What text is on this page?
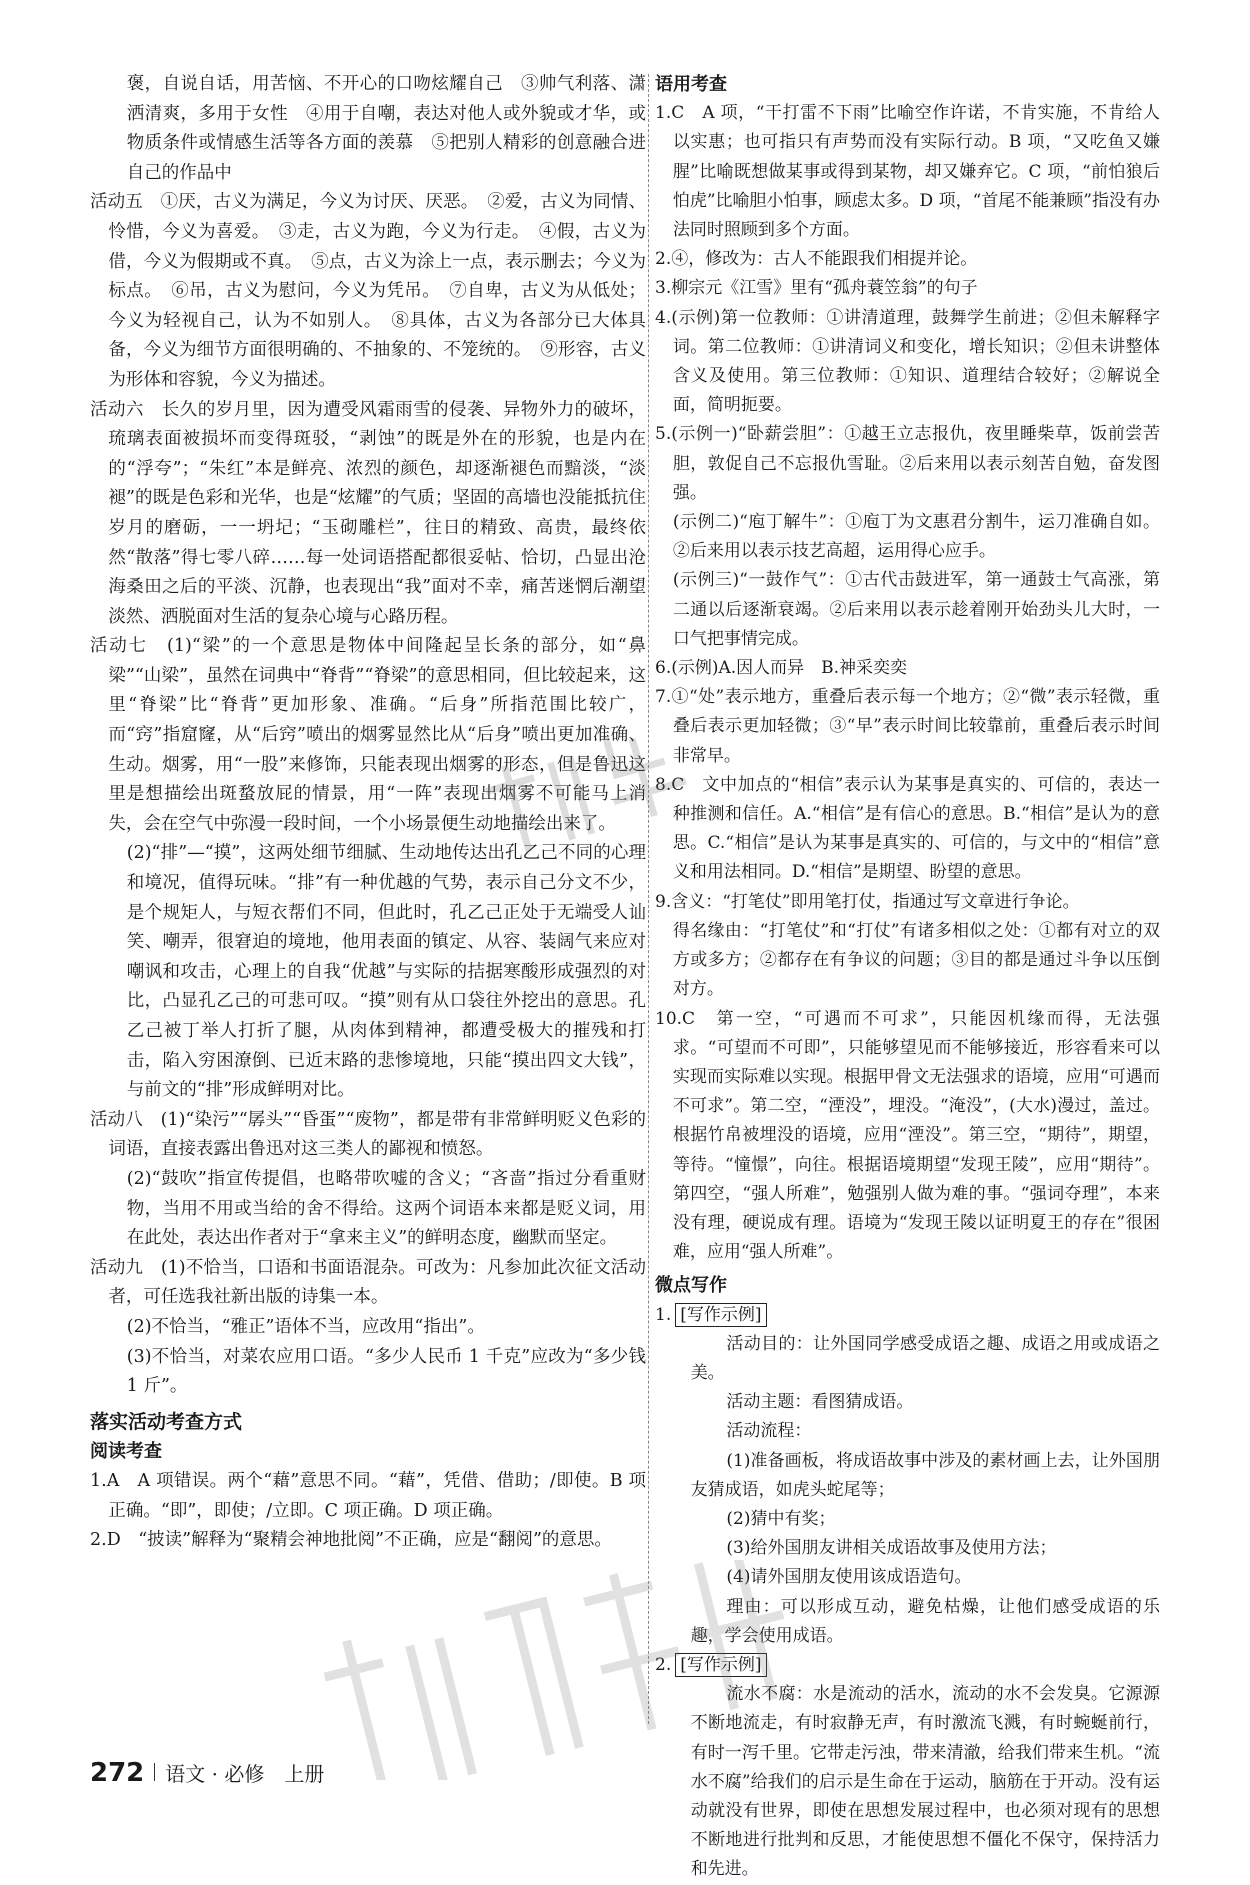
褒，自说自话，用苦恼、不开心的口吻炫耀自己　③帅气利落、潇洒清爽，多用于女性　④用于自嘲，表达对他人或外貌或才华，或物质条件或情感生活等各方面的羡慕　⑤把别人精彩的创意融合进自己的作品中

活动五　①厌，古义为满足，今义为讨厌、厌恶。　②爱，古义为同情、怜惜，今义为喜爱。　③走，古义为跑，今义为行走。　④假，古义为借，今义为假期或不真。　⑤点，古义为涂上一点，表示删去；今义为标点。　⑥吊，古义为慰问，今义为凭吊。　⑦自卑，古义为从低处；今义为轻视自己，认为不如别人。　⑧具体，古义为各部分已大体具备，今义为细节方面很明确的、不抽象的、不笼统的。　⑨形容，古义为形体和容貌，今义为描述。

活动六　长久的岁月里，因为遭受风霜雨雪的侵袭、异物外力的破坏，琉璃表面被损坏而变得斑驳，“剥蚀”的既是外在的形貌，也是内在的“浮夸”；“朱红”本是鲜亮、浓烈的颜色，却逐渐褪色而黯淡，“淡褪”的既是色彩和光华，也是“炫耀”的气质；坚固的高墙也没能抵抗住岁月的磨砺，一一坍圮；“玉砌雕栏”，往日的精致、高贵，最终依然“散落”得七零八碎……每一处词语搭配都很妥帖、恰切，凸显出沧海桑田之后的平淡、沉静，也表现出“我”面对不幸，痛苦迷惘后潮望淡然、洒脱面对生活的复杂心境与心路历程。

活动七　(1)“梁”的一个意思是物体中间隆起呈长条的部分，如“鼻梁”“山梁”，虽然在词典中“脊背”“脊梁”的意思相同，但比较起来，这里“脊梁”比“脊背”更加形象、准确。“后身”所指范围比较广，而“窍”指窟窿，从“后窍”喷出的烟雾显然比从“后身”喷出更加准确、生动。烟雾，用“一股”来修饰，只能表现出烟雾的形态，但是鲁迅这里是想描绘出斑蝥放屁的情景，用“一阵”表现出烟雾不可能马上消失，会在空气中弥漫一段时间，一个小场景便生动地描绘出来了。

(2)“排”—“摸”，这两处细节细腻、生动地传达出孔乙己不同的心理和境况，值得玩味。“排”有一种优越的气势，表示自己分文不少，是个规矩人，与短衣帮们不同，但此时，孔乙己正处于无端受人讪笑、嘲弄，很窘迫的境地，他用表面的镇定、从容、装阔气来应对嘲讽和攻击，心理上的自我“优越”与实际的拮据寒酸形成强烈的对比，凸显孔乙己的可悲可叹。“摸”则有从口袋往外挖出的意思。孔乙己被丁举人打折了腿，从肉体到精神，都遭受极大的摧残和打击，陷入穷困潦倒、已近末路的悲惨境地，只能“摸出四文大钱”，与前文的“排”形成鲜明对比。

活动八　(1)“染污”“孱头”“昏蛋”“废物”，都是带有非常鲜明贬义色彩的词语，直接表露出鲁迅对这三类人的鄙视和愤怒。

(2)“鼓吹”指宣传提倡，也略带吹嘘的含义；“吝啬”指过分看重财物，当用不用或当给的舍不得给。这两个词语本来都是贬义词，用在此处，表达出作者对于“拿来主义”的鲜明态度，幽默而坚定。

活动九　(1)不恰当，口语和书面语混杂。可改为：凡参加此次征文活动者，可任选我社新出版的诗集一本。

(2)不恰当，“雅正”语体不当，应改用“指出”。

(3)不恰当，对菜农应用口语。“多少人民币 1 千克”应改为“多少钱 1 斤”。

落实活动考查方式

阅读考查

1.A　A 项错误。两个“藉”意思不同。“藉”，凭借、借助；/即使。B 项正确。“即”，即使；/立即。C 项正确。D 项正确。

2.D　“披读”解释为“聚精会神地批阅”不正确，应是“翻阅”的意思。

语用考查

1.C　A 项，“干打雷不下雨”比喻空作许诺，不肯实施，不肯给人以实惠；也可指只有声势而没有实际行动。B 项，“又吃鱼又嫌腥”比喻既想做某事或得到某物，却又嫌弃它。C 项，“前怕狼后怕虎”比喻胆小怕事，顾虑太多。D 项，“首尾不能兼顾”指没有办法同时照顾到多个方面。

2.④，修改为：古人不能跟我们相提并论。

3.柳宗元《江雪》里有“孤舟蓑笠翁”的句子

4.(示例)第一位教师：①讲清道理，鼓舞学生前进；②但未解释字词。第二位教师：①讲清词义和变化，增长知识；②但未讲整体含义及使用。第三位教师：①知识、道理结合较好；②解说全面，简明扼要。

5.(示例一)“卧薪尝胆”：①越王立志报仇，夜里睡柴草，饭前尝苦胆，敦促自己不忘报仇雪耻。②后来用以表示刻苦自勉，奋发图强。

(示例二)“庖丁解牛”：①庖丁为文惠君分割牛，运刀准确自如。②后来用以表示技艺高超，运用得心应手。

(示例三)“一鼓作气”：①古代击鼓进军，第一通鼓士气高涨，第二通以后逐渐衰竭。②后来用以表示趁着刚开始劲头儿大时，一口气把事情完成。

6.(示例)A.因人而异　B.神采奕奕

7.①“处”表示地方，重叠后表示每一个地方；②“微”表示轻微，重叠后表示更加轻微；③“早”表示时间比较靠前，重叠后表示时间非常早。

8.C　文中加点的“相信”表示认为某事是真实的、可信的，表达一种推测和信任。A.“相信”是有信心的意思。B.“相信”是认为的意思。C.“相信”是认为某事是真实的、可信的，与文中的“相信”意义和用法相同。D.“相信”是期望、盼望的意思。

9.含义：“打笔仗”即用笔打仗，指通过写文章进行争论。

得名缘由：“打笔仗”和“打仗”有诸多相似之处：①都有对立的双方或多方；②都存在有争议的问题；③目的都是通过斗争以压倒对方。

10.C　第一空，“可遇而不可求”，只能因机缘而得，无法强求。“可望而不可即”，只能够望见而不能够接近，形容看来可以实现而实际难以实现。根据甲骨文无法强求的语境，应用“可遇而不可求”。第二空，“湮没”，埋没。“淹没”，(大水)漫过，盖过。根据竹帛被埋没的语境，应用“湮没”。第三空，“期待”，期望，等待。“憧憬”，向往。根据语境期望“发现王陵”，应用“期待”。第四空，“强人所难”，勉强别人做为难的事。“强词夺理”，本来没有理，硬说成有理。语境为“发现王陵以证明夏王的存在”很困难，应用“强人所难”。

微点写作

1. [写作示例]

活动目的：让外国同学感受成语之趣、成语之用或成语之美。

活动主题：看图猜成语。

活动流程：

(1)准备画板，将成语故事中涉及的素材画上去，让外国朋友猜成语，如虎头蛇尾等；

(2)猜中有奖；

(3)给外国朋友讲相关成语故事及使用方法；

(4)请外国朋友使用该成语造句。

理由：可以形成互动，避免枯燥，让他们感受成语的乐趣，学会使用成语。

2. [写作示例]

流水不腐：水是流动的活水，流动的水不会发臭。它源源不断地流走，有时寂静无声，有时激流飞溅，有时蜿蜒前行，有时一泻千里。它带走污浊，带来清澈，给我们带来生机。“流水不腐”给我们的启示是生命在于运动，脑筋在于开动。没有运动就没有世界，即使在思想发展过程中，也必须对现有的思想不断地进行批判和反思，才能使思想不僵化不保守，保持活力和先进。

272 语文 · 必修　上册
